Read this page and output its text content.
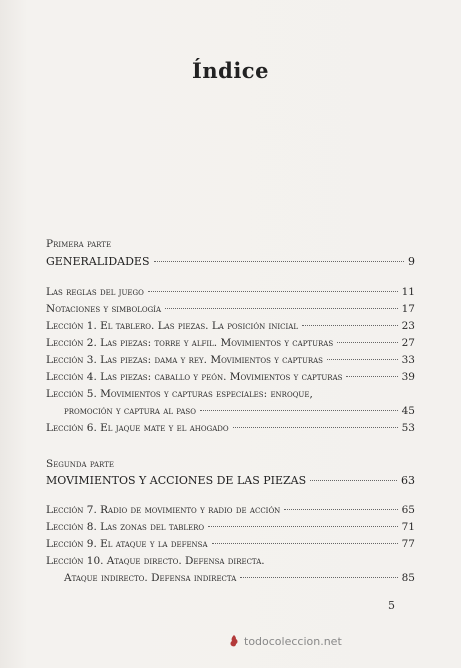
Índice
Primera parte
GENERALIDADES	9
Las reglas del juego	11
Notaciones y simbología	17
Lección 1. El tablero. Las piezas. La posición inicial	23
Lección 2. Las piezas: torre y alfil. Movimientos y capturas	27
Lección 3. Las piezas: dama y rey. Movimientos y capturas	33
Lección 4. Las piezas: caballo y peón. Movimientos y capturas	39
Lección 5. Movimientos y capturas especiales: enroque,
promoción y captura al paso	45
Lección 6. El jaque mate y el ahogado	53
Segunda parte
MOVIMIENTOS Y ACCIONES DE LAS PIEZAS	63
Lección 7. Radio de movimiento y radio de acción	65
Lección 8. Las zonas del tablero	71
Lección 9. El ataque y la defensa	77
Lección 10. Ataque directo. Defensa directa.
Ataque indirecto. Defensa indirecta	85
5
todocoleccion.net
